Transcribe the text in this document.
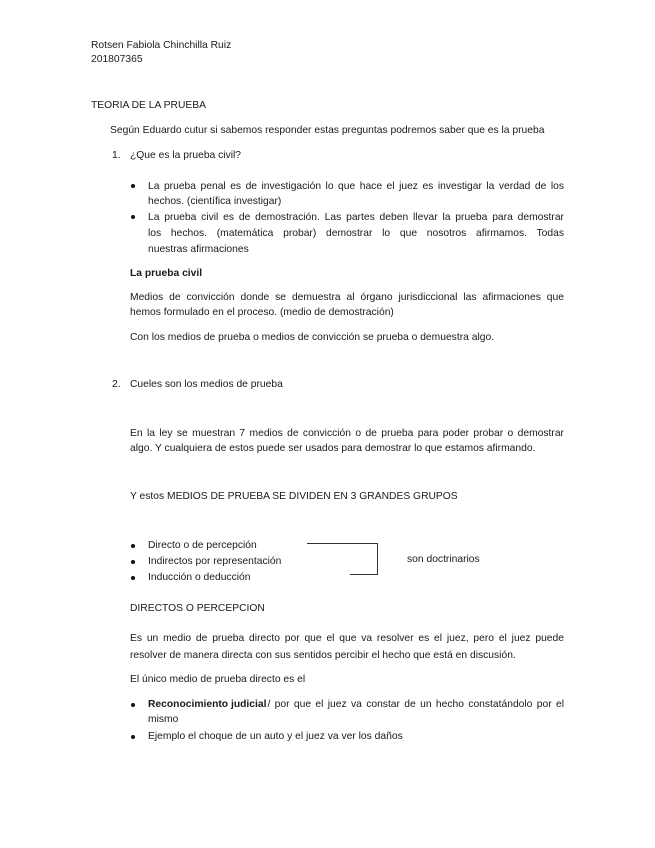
Rotsen Fabiola Chinchilla Ruiz
201807365
TEORIA DE LA PRUEBA
Según Eduardo cutur si sabemos responder estas preguntas podremos saber que es la prueba
1. ¿Que es la prueba civil?
La prueba penal es de investigación lo que hace el juez es investigar la verdad de los
hechos. (científica investigar)
La prueba civil es de demostración. Las partes deben llevar la prueba para demostrar
los hechos. (matemática probar) demostrar lo que nosotros afirmamos. Todas
nuestras afirmaciones
La prueba civil
Medios de convicción donde se demuestra al órgano jurisdiccional las afirmaciones que
hemos formulado en el proceso. (medio de demostración)
Con los medios de prueba o medios de convicción se prueba o demuestra algo.
2. Cueles son los medios de prueba
En la ley se muestran 7 medios de convicción o de prueba para poder probar o demostrar
algo. Y cualquiera de estos puede ser usados para demostrar lo que estamos afirmando.
Y estos MEDIOS DE PRUEBA SE DIVIDEN EN 3 GRANDES GRUPOS
Directo o de percepción
Indirectos por representación
Inducción o deducción
son doctrinarios
DIRECTOS O PERCEPCION
Es un medio de prueba directo por que el que va resolver es el juez, pero el juez puede
resolver de manera directa con sus sentidos percibir el hecho que está en discusión.
El único medio de prueba directo es el
Reconocimiento judicial / por que el juez va constar de un hecho constatándolo por el
mismo
Ejemplo el choque de un auto y el juez va ver los daños
